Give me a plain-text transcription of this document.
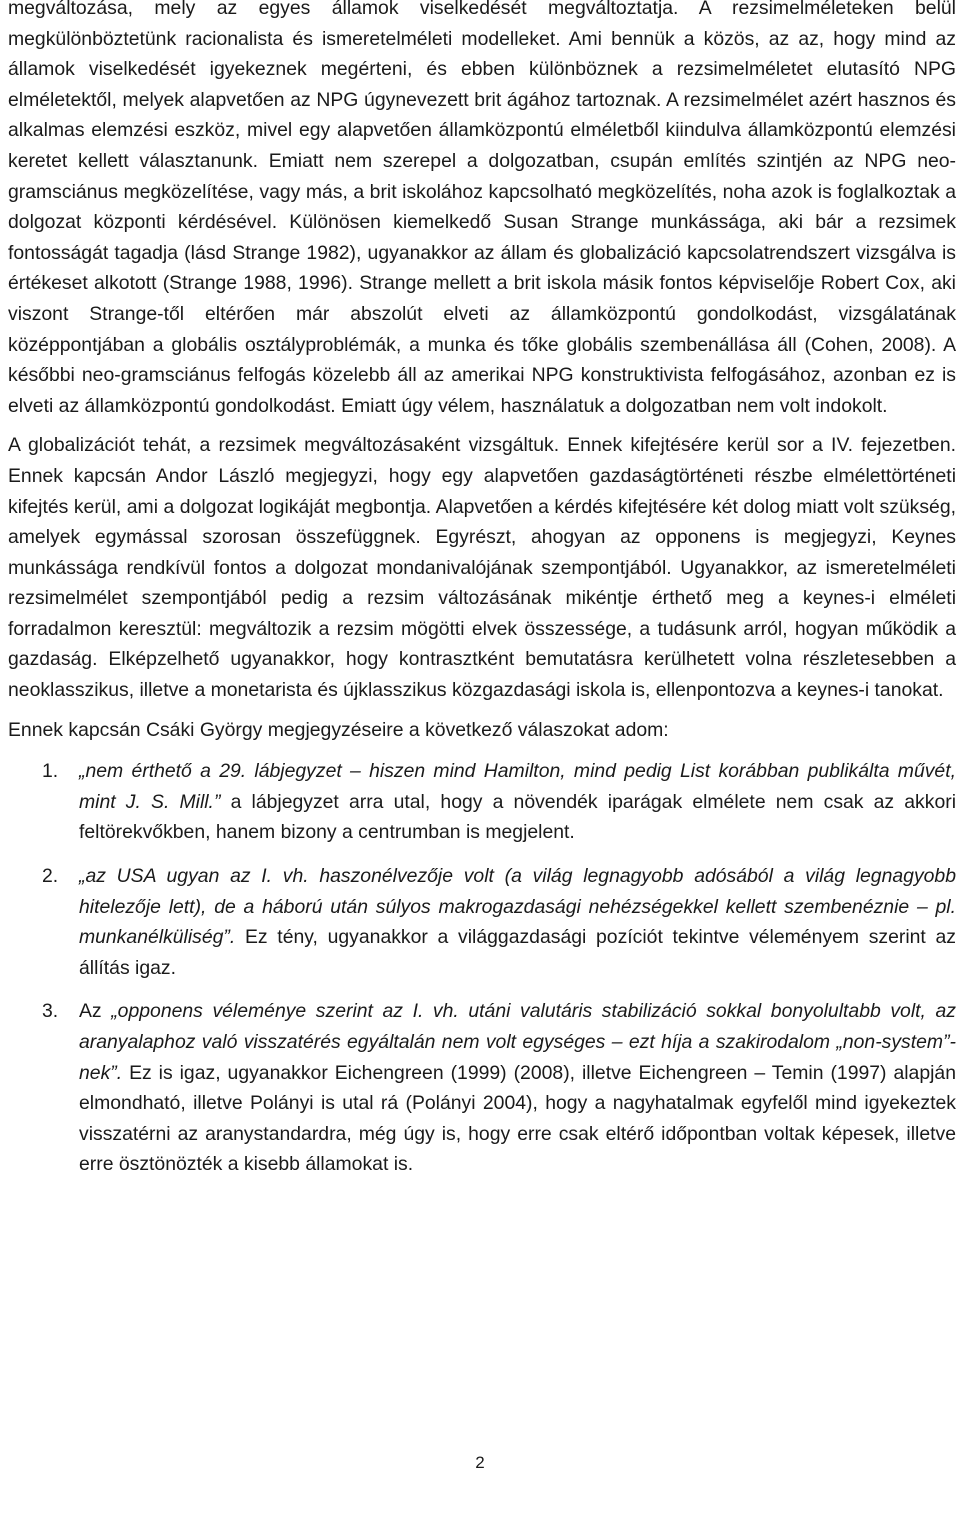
megváltozása, mely az egyes államok viselkedését megváltoztatja. A rezsimelméleteken belül megkülönböztetünk racionalista és ismeretelméleti modelleket. Ami bennük a közös, az az, hogy mind az államok viselkedését igyekeznek megérteni, és ebben különböznek a rezsimelméletet elutasító NPG elméletektől, melyek alapvetően az NPG úgynevezett brit ágához tartoznak. A rezsimelmélet azért hasznos és alkalmas elemzési eszköz, mivel egy alapvetően államközpontú elméletből kiindulva államközpontú elemzési keretet kellett választanunk. Emiatt nem szerepel a dolgozatban, csupán említés szintjén az NPG neo-gramsciánus megközelítése, vagy más, a brit iskolához kapcsolható megközelítés, noha azok is foglalkoztak a dolgozat központi kérdésével. Különösen kiemelkedő Susan Strange munkássága, aki bár a rezsimek fontosságát tagadja (lásd Strange 1982), ugyanakkor az állam és globalizáció kapcsolatrendszert vizsgálva is értékeset alkotott (Strange 1988, 1996). Strange mellett a brit iskola másik fontos képviselője Robert Cox, aki viszont Strange-től eltérően már abszolút elveti az államközpontú gondolkodást, vizsgálatának középpontjában a globális osztályproblémák, a munka és tőke globális szembenállása áll (Cohen, 2008). A későbbi neo-gramsciánus felfogás közelebb áll az amerikai NPG konstruktivista felfogásához, azonban ez is elveti az államközpontú gondolkodást. Emiatt úgy vélem, használatuk a dolgozatban nem volt indokolt.

A globalizációt tehát, a rezsimek megváltozásaként vizsgáltuk. Ennek kifejtésére kerül sor a IV. fejezetben. Ennek kapcsán Andor László megjegyzi, hogy egy alapvetően gazdaságtörténeti részbe elmélettörténeti kifejtés kerül, ami a dolgozat logikáját megbontja. Alapvetően a kérdés kifejtésére két dolog miatt volt szükség, amelyek egymással szorosan összefüggnek. Egyrészt, ahogyan az opponens is megjegyzi, Keynes munkássága rendkívül fontos a dolgozat mondanivalójának szempontjából. Ugyanakkor, az ismeretelméleti rezsimelmélet szempontjából pedig a rezsim változásának mikéntje érthető meg a keynes-i elméleti forradalmon keresztül: megváltozik a rezsim mögötti elvek összessége, a tudásunk arról, hogyan működik a gazdaság. Elképzelhető ugyanakkor, hogy kontrasztként bemutatásra kerülhetett volna részletesebben a neoklasszikus, illetve a monetarista és újklasszikus közgazdasági iskola is, ellenpontozva a keynes-i tanokat.

Ennek kapcsán Csáki György megjegyzéseire a következő válaszokat adom:

1. „nem érthető a 29. lábjegyzet – hiszen mind Hamilton, mind pedig List korábban publikálta művét, mint J. S. Mill.” a lábjegyzet arra utal, hogy a növendék iparágak elmélete nem csak az akkori feltörekvőkben, hanem bizony a centrumban is megjelent.

2. „az USA ugyan az I. vh. haszonélvezője volt (a világ legnagyobb adósából a világ legnagyobb hitelezője lett), de a háború után súlyos makrogazdasági nehézségekkel kellett szembenéznie – pl. munkanélküliség”. Ez tény, ugyanakkor a világgazdasági pozíciót tekintve véleményem szerint az állítás igaz.

3. Az „opponens véleménye szerint az I. vh. utáni valutáris stabilizáció sokkal bonyolultabb volt, az aranyalaphoz való visszatérés egyáltalán nem volt egységes – ezt híja a szakirodalom „non-system”-nek”. Ez is igaz, ugyanakkor Eichengreen (1999) (2008), illetve Eichengreen – Temin (1997) alapján elmondható, illetve Polányi is utal rá (Polányi 2004), hogy a nagyhatalmak egyfelől mind igyekeztek visszatérni az aranystandardra, még úgy is, hogy erre csak eltérő időpontban voltak képesek, illetve erre ösztönözték a kisebb államokat is.

2
